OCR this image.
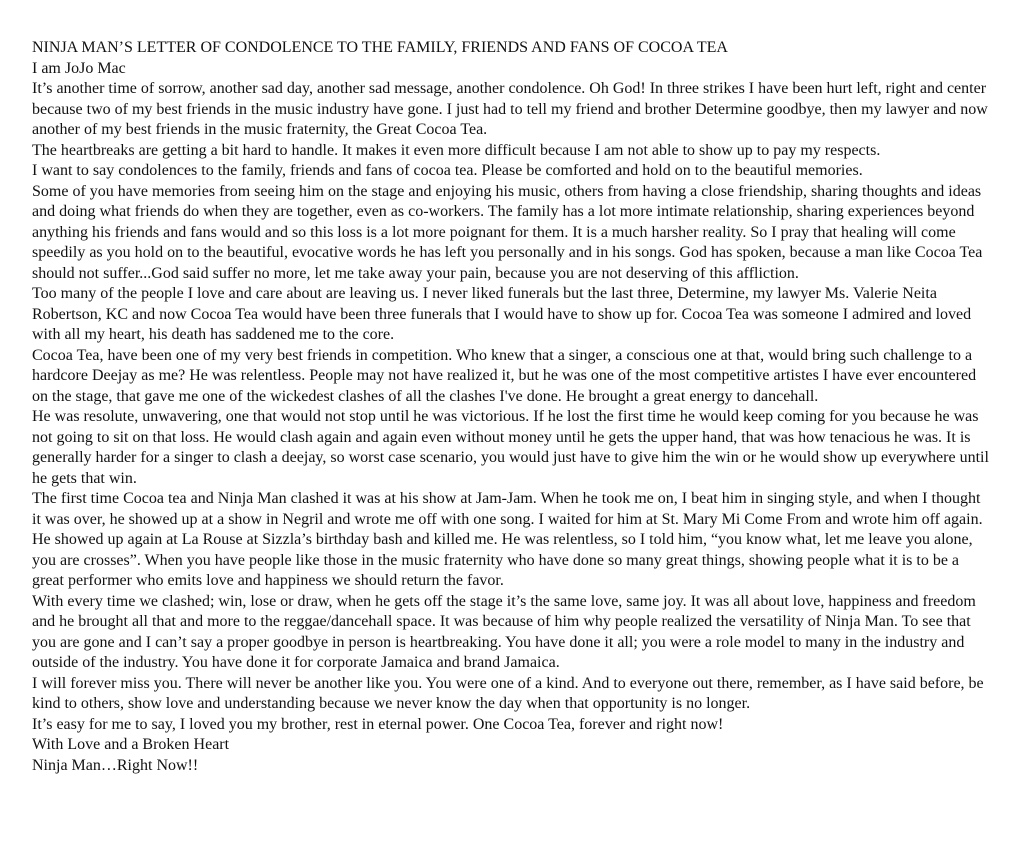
NINJA MAN’S LETTER OF CONDOLENCE TO THE FAMILY, FRIENDS AND FANS OF COCOA TEA

I am JoJo Mac

It’s another time of sorrow, another sad day, another sad message, another condolence. Oh God! In three strikes I have been hurt left, right and center because two of my best friends in the music industry have gone. I just had to tell my friend and brother Determine goodbye, then my lawyer and now another of my best friends in the music fraternity, the Great Cocoa Tea.

The heartbreaks are getting a bit hard to handle. It makes it even more difficult because I am not able to show up to pay my respects.

I want to say condolences to the family, friends and fans of cocoa tea. Please be comforted and hold on to the beautiful memories.

Some of you have memories from seeing him on the stage and enjoying his music, others from having a close friendship, sharing thoughts and ideas and doing what friends do when they are together, even as co-workers. The family has a lot more intimate relationship, sharing experiences beyond anything his friends and fans would and so this loss is a lot more poignant for them. It is a much harsher reality. So I pray that healing will come speedily as you hold on to the beautiful, evocative words he has left you personally and in his songs. God has spoken, because a man like Cocoa Tea should not suffer...God said suffer no more, let me take away your pain, because you are not deserving of this affliction.

Too many of the people I love and care about are leaving us. I never liked funerals but the last three, Determine, my lawyer Ms. Valerie Neita Robertson, KC and now Cocoa Tea would have been three funerals that I would have to show up for. Cocoa Tea was someone I admired and loved with all my heart, his death has saddened me to the core.

Cocoa Tea, have been one of my very best friends in competition. Who knew that a singer, a conscious one at that, would bring such challenge to a hardcore Deejay as me? He was relentless. People may not have realized it, but he was one of the most competitive artistes I have ever encountered on the stage, that gave me one of the wickedest clashes of all the clashes I've done. He brought a great energy to dancehall.

He was resolute, unwavering, one that would not stop until he was victorious. If he lost the first time he would keep coming for you because he was not going to sit on that loss. He would clash again and again even without money until he gets the upper hand, that was how tenacious he was. It is generally harder for a singer to clash a deejay, so worst case scenario, you would just have to give him the win or he would show up everywhere until he gets that win.

The first time Cocoa tea and Ninja Man clashed it was at his show at Jam-Jam. When he took me on, I beat him in singing style, and when I thought it was over, he showed up at a show in Negril and wrote me off with one song. I waited for him at St. Mary Mi Come From and wrote him off again. He showed up again at La Rouse at Sizzla’s birthday bash and killed me. He was relentless, so I told him, “you know what, let me leave you alone, you are crosses”. When you have people like those in the music fraternity who have done so many great things, showing people what it is to be a great performer who emits love and happiness we should return the favor.

With every time we clashed; win, lose or draw, when he gets off the stage it’s the same love, same joy. It was all about love, happiness and freedom and he brought all that and more to the reggae/dancehall space. It was because of him why people realized the versatility of Ninja Man. To see that you are gone and I can’t say a proper goodbye in person is heartbreaking. You have done it all; you were a role model to many in the industry and outside of the industry. You have done it for corporate Jamaica and brand Jamaica.

I will forever miss you. There will never be another like you. You were one of a kind. And to everyone out there, remember, as I have said before, be kind to others, show love and understanding because we never know the day when that opportunity is no longer.

It’s easy for me to say, I loved you my brother, rest in eternal power. One Cocoa Tea, forever and right now!

With Love and a Broken Heart

Ninja Man…Right Now!!
